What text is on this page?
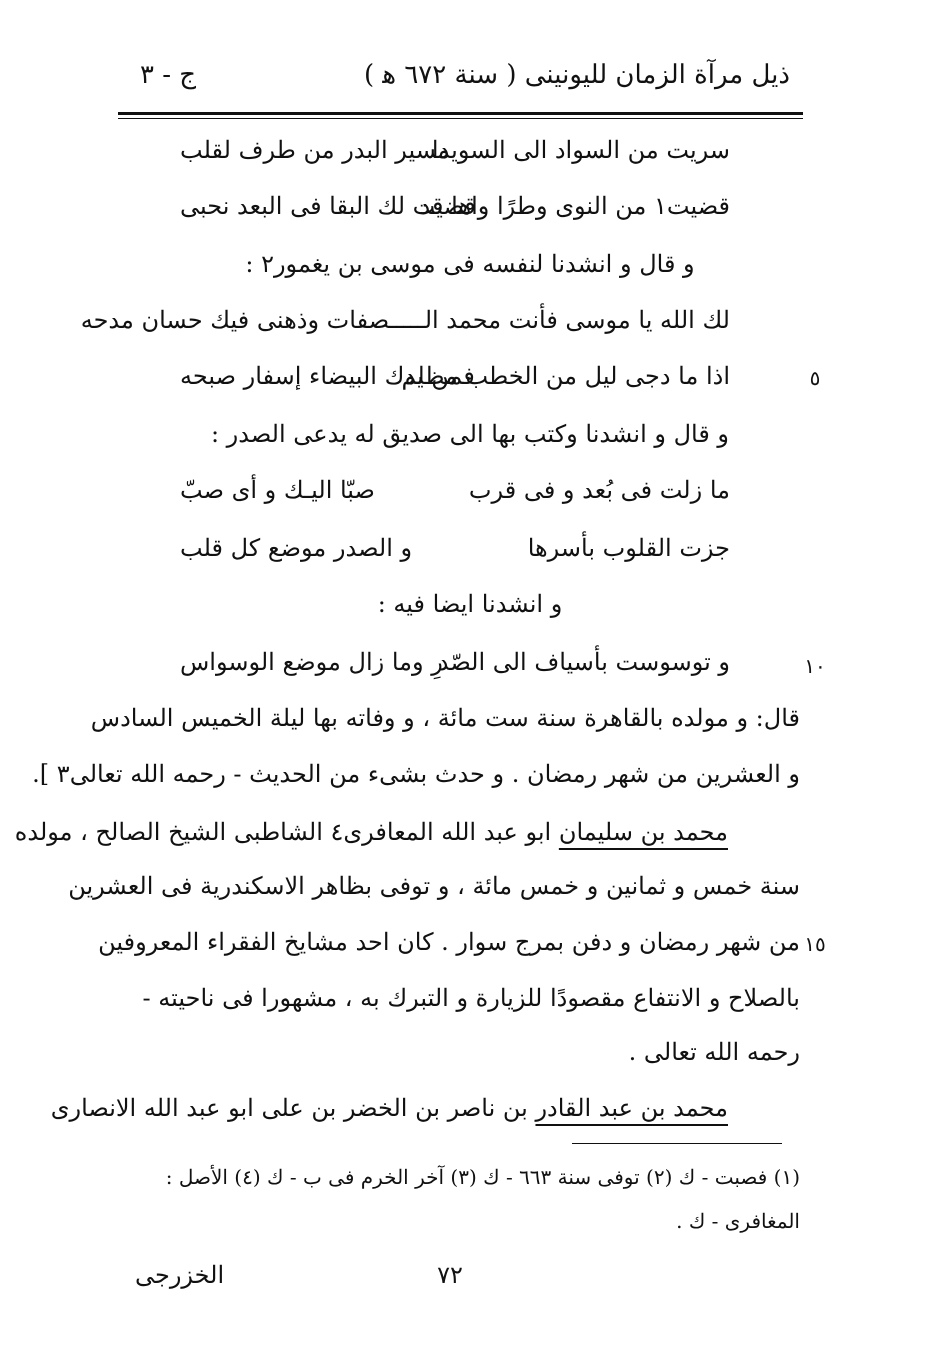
ذيل مرآة الزمان لليونينى ( سنة ٦٧٢ ﻫ )
ج - ٣
سريت من السواد الى السويدا
مسير البدر من طرف لقلب
قضيت١ من النوى وطرًا واها قد
قضيت لك البقا فى البعد نحبى
و قال و انشدنا لنفسه فى موسى بن يغمور٢ :
لك الله يا موسى فأنت محمد الـــــصفات وذهنى فيك حسان مدحه
اذا ما دجى ليل من الخطب مظلم
فمن يدك البيضاء إسفار صبحه	٥
و قال و انشدنا وكتب بها الى صديق له يدعى الصدر :
ما زلت فى بُعد و فى قرب
صبّا اليـك و أى صبّ
جزت القلوب بأسرها
و الصدر موضع كل قلب
و انشدنا ايضا فيه :
و توسوست بأسياف الى الصّد
رِ وما زال موضع الوسواس	١٠
قال: و مولده بالقاهرة سنة ست مائة ، و وفاته بها ليلة الخميس السادس
و العشرين من شهر رمضان . و حدث بشىء من الحديث - رحمه الله تعالى٣ ].
محمد بن سليمان ابو عبد الله المعافرى٤ الشاطبى الشيخ الصالح ، مولده
سنة خمس و ثمانين و خمس مائة ، و توفى بظاهر الاسكندرية فى العشرين
من شهر رمضان و دفن بمرج سوار . كان احد مشايخ الفقراء المعروفين ١٥
بالصلاح و الانتفاع مقصودًا للزيارة و التبرك به ، مشهورا فى ناحيته -
رحمه الله تعالى .
محمد بن عبد القادر بن ناصر بن الخضر بن على ابو عبد الله الانصارى
(١) فصبت - ك (٢) توفى سنة ٦٦٣ - ك (٣) آخر الخرم فى ب - ك (٤) الأصل :
المغافرى - ك .
الخزرجى	٧٢
